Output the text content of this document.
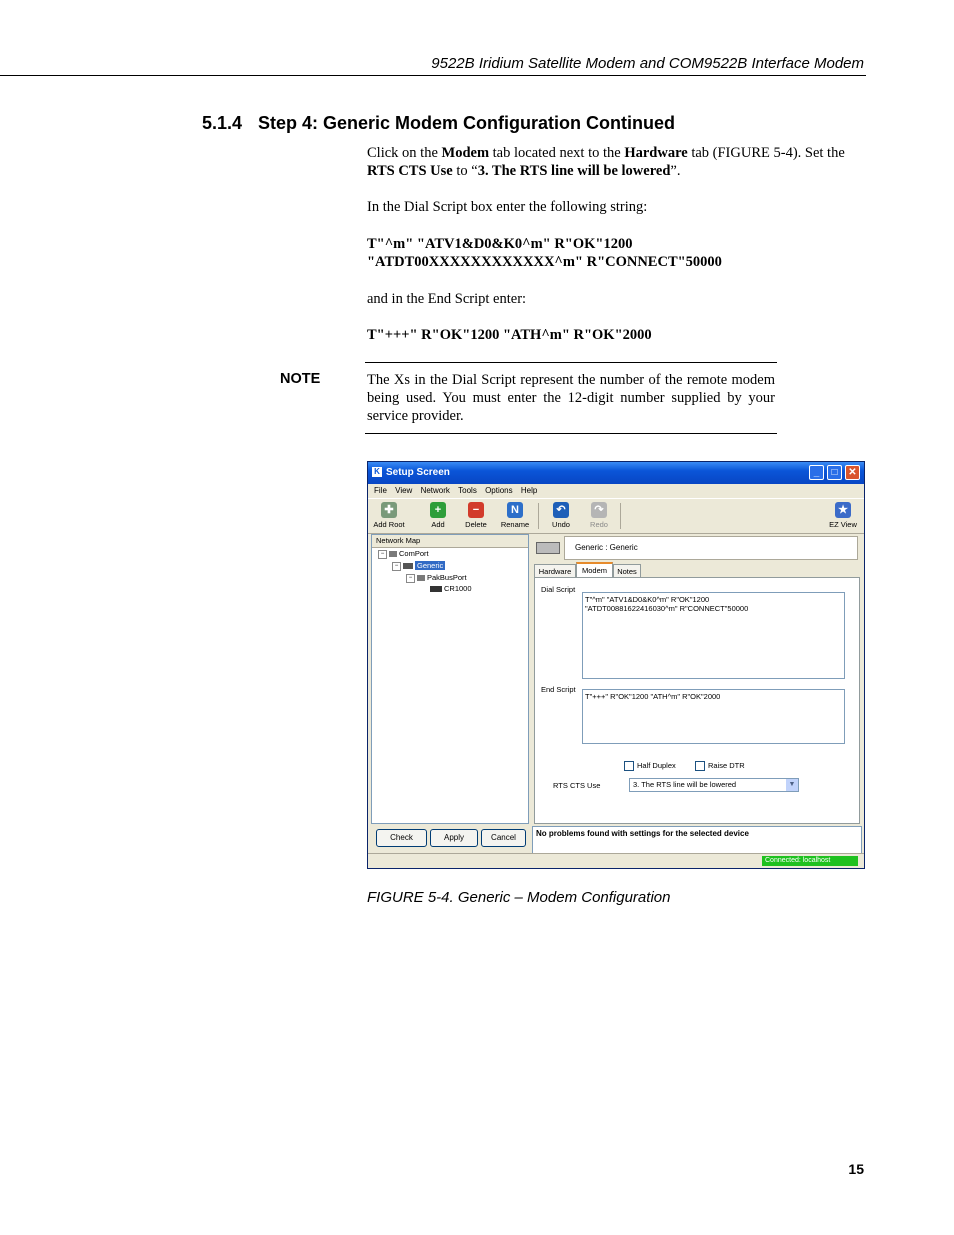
9522B Iridium Satellite Modem and COM9522B Interface Modem
5.1.4 Step 4: Generic Modem Configuration Continued
Click on the Modem tab located next to the Hardware tab (FIGURE 5-4). Set the RTS CTS Use to “3. The RTS line will be lowered”.
In the Dial Script box enter the following string:
T"^m" "ATV1&D0&K0^m" R"OK"1200
"ATDT00XXXXXXXXXXXX^m" R"CONNECT"50000
and in the End Script enter:
T"+++" R"OK"1200 "ATH^m" R"OK"2000
NOTE	The Xs in the Dial Script represent the number of the remote modem being used. You must enter the 12-digit number supplied by your service provider.
K Setup Screen	_	□	✕
File View Network Tools Options Help
✚
Add Root
+
Add
−
Delete
N
Rename
↶
Undo
↷
Redo
★
EZ View
Network Map
− ComPort
−	Generic
− PakBusPort
CR1000
Generic : Generic
Hardware	Modem	Notes
Dial Script
T"^m" "ATV1&D0&K0^m" R"OK"1200
"ATDT00881622416030^m" R"CONNECT"50000
End Script
T"+++" R"OK"1200 "ATH^m" R"OK"2000
Half Duplex	Raise DTR
RTS CTS Use	3. The RTS line will be lowered	▼
Check	Apply	Cancel	No problems found with settings for the selected device
Connected: localhost
FIGURE 5-4. Generic – Modem Configuration
15
